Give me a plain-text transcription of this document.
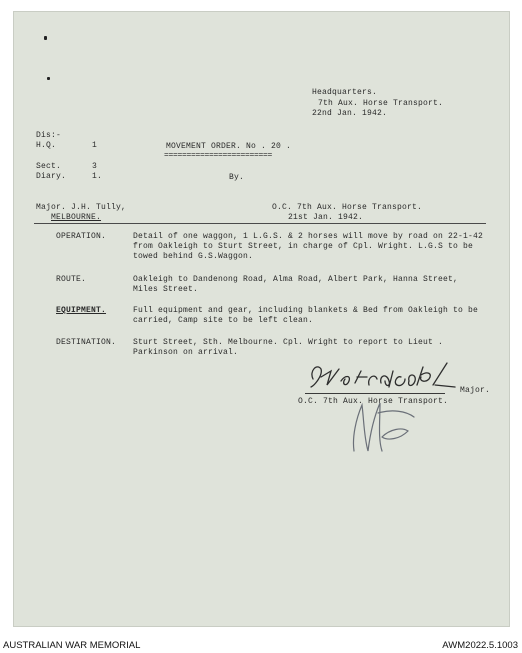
Headquarters.
7th Aux. Horse Transport.
22nd Jan. 1942.
Dis:-
H.Q.	1
Sect.	3
Diary.	1.
MOVEMENT ORDER. No . 20 .
========================
By.
Major. J.H. Tully,
MELBOURNE.
O.C. 7th Aux. Horse Transport.
21st Jan. 1942.
OPERATION.	Detail of one waggon, 1 L.G.S. & 2 horses will move by road on 22-1-42 from Oakleigh to Sturt Street, in charge of Cpl. Wright. L.G.S to be towed behind G.S.Waggon.
ROUTE.	Oakleigh to Dandenong Road, Alma Road, Albert Park, Hanna Street, Miles Street.
EQUIPMENT.	Full equipment and gear, including blankets & Bed from Oakleigh to be carried, Camp site to be left clean.
DESTINATION. Sturt Street, Sth. Melbourne. Cpl. Wright to report to Lieut . Parkinson on arrival.
Major.
O.C. 7th Aux. Horse Transport.
AUSTRALIAN WAR MEMORIAL	AWM2022.5.1003
